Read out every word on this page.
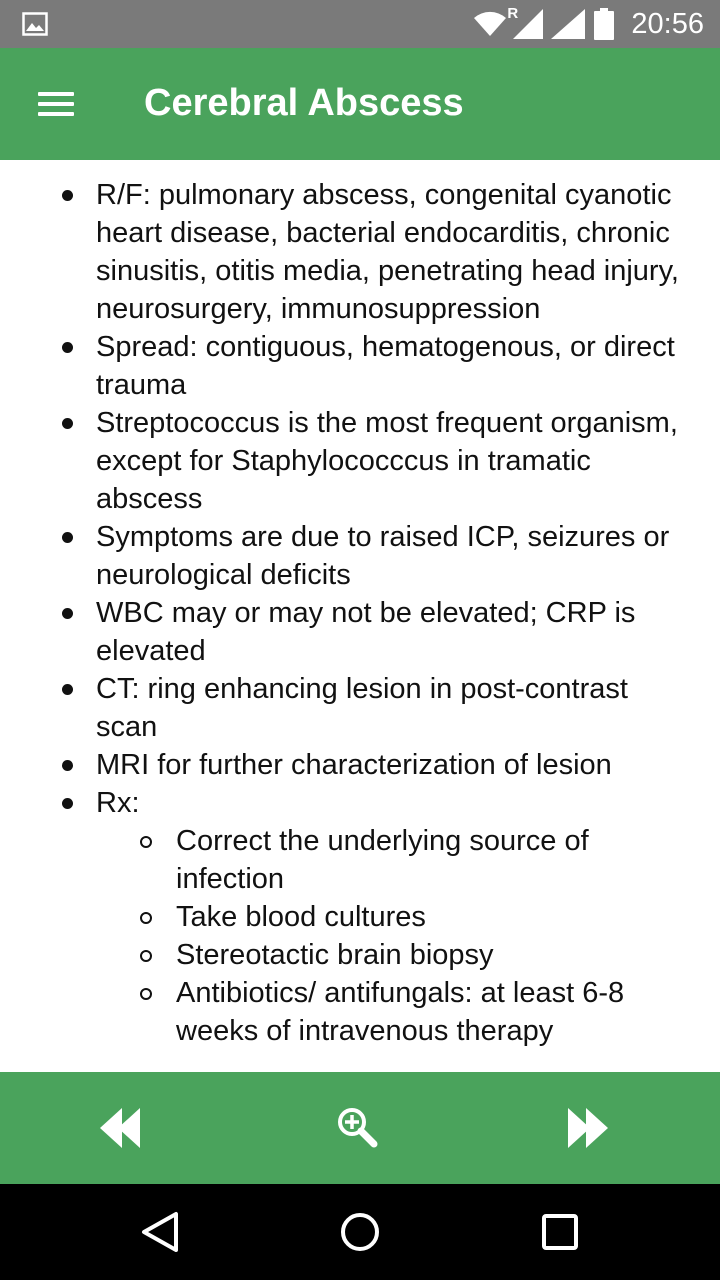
R	20:56
Cerebral Abscess
R/F: pulmonary abscess, congenital cyanotic heart disease, bacterial endocarditis, chronic sinusitis, otitis media, penetrating head injury, neurosurgery, immunosuppression
Spread: contiguous, hematogenous, or direct trauma
Streptococcus is the most frequent organism, except for Staphylococccus in tramatic abscess
Symptoms are due to raised ICP, seizures or neurological deficits
WBC may or may not be elevated; CRP is elevated
CT: ring enhancing lesion in post-contrast scan
MRI for further characterization of lesion
Rx:
Correct the underlying source of infection
Take blood cultures
Stereotactic brain biopsy
Antibiotics/ antifungals: at least 6-8 weeks of intravenous therapy
